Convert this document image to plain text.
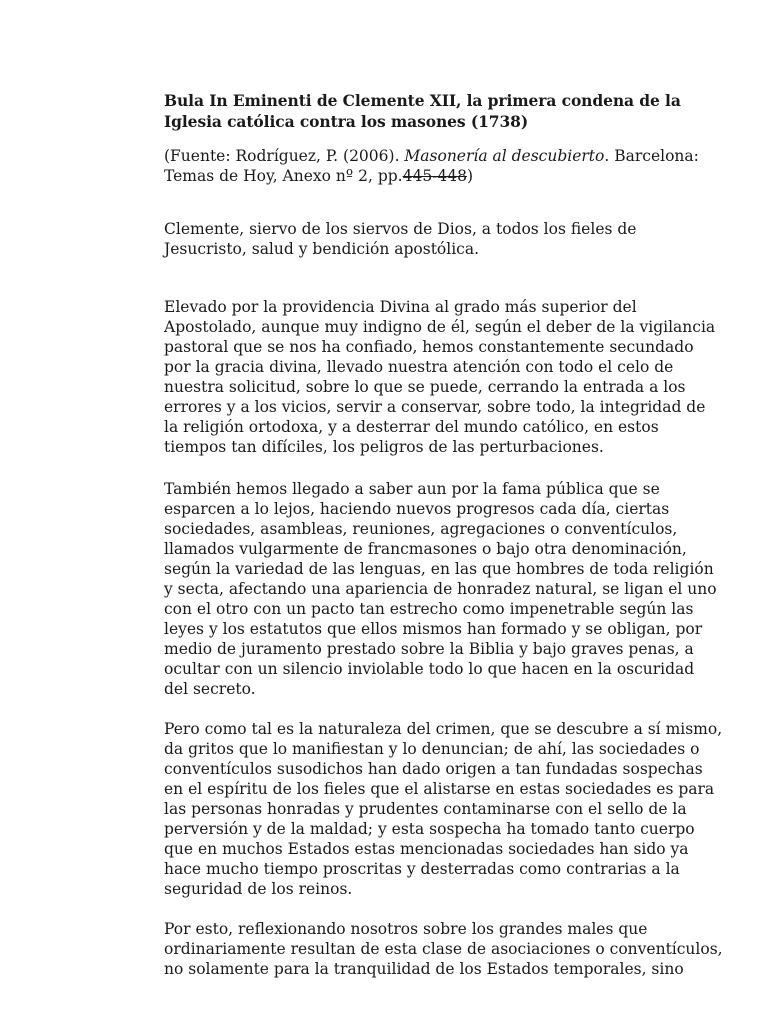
Bula In Eminenti de Clemente XII, la primera condena de la
Iglesia católica contra los masones (1738)
(Fuente: Rodríguez, P. (2006). Masonería al descubierto. Barcelona:
Temas de Hoy, Anexo nº 2, pp.445-448)

Clemente, siervo de los siervos de Dios, a todos los fieles de
Jesucristo, salud y bendición apostólica.

Elevado por la providencia Divina al grado más superior del
Apostolado, aunque muy indigno de él, según el deber de la vigilancia
pastoral que se nos ha confiado, hemos constantemente secundado
por la gracia divina, llevado nuestra atención con todo el celo de
nuestra solicitud, sobre lo que se puede, cerrando la entrada a los
errores y a los vicios, servir a conservar, sobre todo, la integridad de
la religión ortodoxa, y a desterrar del mundo católico, en estos
tiempos tan difíciles, los peligros de las perturbaciones.

También hemos llegado a saber aun por la fama pública que se
esparcen a lo lejos, haciendo nuevos progresos cada día, ciertas
sociedades, asambleas, reuniones, agregaciones o conventículos,
llamados vulgarmente de francmasones o bajo otra denominación,
según la variedad de las lenguas, en las que hombres de toda religión
y secta, afectando una apariencia de honradez natural, se ligan el uno
con el otro con un pacto tan estrecho como impenetrable según las
leyes y los estatutos que ellos mismos han formado y se obligan, por
medio de juramento prestado sobre la Biblia y bajo graves penas, a
ocultar con un silencio inviolable todo lo que hacen en la oscuridad
del secreto.

Pero como tal es la naturaleza del crimen, que se descubre a sí mismo,
da gritos que lo manifiestan y lo denuncian; de ahí, las sociedades o
conventículos susodichos han dado origen a tan fundadas sospechas
en el espíritu de los fieles que el alistarse en estas sociedades es para
las personas honradas y prudentes contaminarse con el sello de la
perversión y de la maldad; y esta sospecha ha tomado tanto cuerpo
que en muchos Estados estas mencionadas sociedades han sido ya
hace mucho tiempo proscritas y desterradas como contrarias a la
seguridad de los reinos.

Por esto, reflexionando nosotros sobre los grandes males que
ordinariamente resultan de esta clase de asociaciones o conventículos,
no solamente para la tranquilidad de los Estados temporales, sino
